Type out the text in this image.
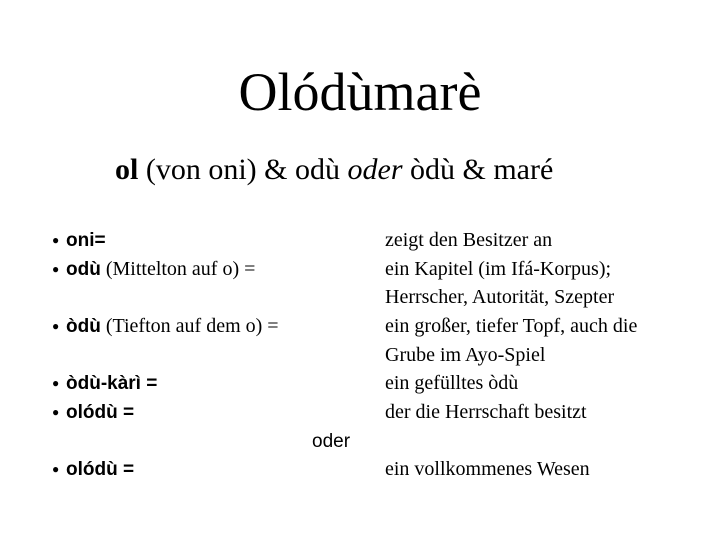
Olódùmarè
ol (von oni) & odù oder òdù & maré
● oni=
● odù (Mittelton auf o) =
● òdù (Tiefton auf dem o) =
● òdù-kàrì =
● olódù =
oder
● olódù =
zeigt den Besitzer an
ein Kapitel (im Ifá-Korpus);
Herrscher, Autorität, Szepter
ein großer, tiefer Topf, auch die
Grube im Ayo-Spiel
ein gefülltes òdù
der die Herrschaft besitzt
ein vollkommenes Wesen
